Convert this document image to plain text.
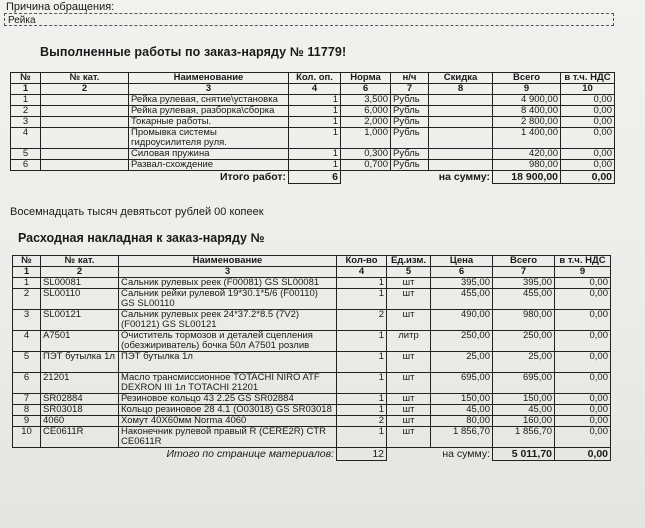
Причина обращения:
Рейка
Выполненные работы по заказ-наряду № 11779!
№	№ кат.	Наименование	Кол. оп.	Норма	н/ч	Скидка	Всего	в т.ч. НДС
1	2	3	4	6	7	8	9	10
1		Рейка рулевая, снятие\установка	1	3,500	Рубль		4 900,00	0,00
2		Рейка рулевая, разборка\сборка	1	6,000	Рубль		8 400,00	0,00
3		Токарные работы.	1	2,000	Рубль		2 800,00	0,00
4		Промывка системы гидроусилителя руля.	1	1,000	Рубль		1 400,00	0,00
5		Силовая пружина	1	0,300	Рубль		420,00	0,00
6		Развал-схождение	1	0,700	Рубль		980,00	0,00
Итого работ:			6	на сумму:			18 900,00	0,00
Восемнадцать тысяч девятьсот рублей 00 копеек
Расходная накладная к заказ-наряду №
№	№ кат.	Наименование	Кол-во	Ед.изм.	Цена	Всего	в т.ч. НДС
1	2	3	4	5	6	7	9
1	SL00081	Сальник рулевых реек (F00081) GS SL00081	1	шт	395,00	395,00	0,00
2	SL00110	Сальник рейки рулевой 19*30.1*5/6 (F00110) GS SL00110	1	шт	455,00	455,00	0,00
3	SL00121	Сальник рулевых реек 24*37.2*8.5 (7V2)(F00121) GS SL00121	2	шт	490,00	980,00	0,00
4	A7501	Очиститель тормозов и деталей сцепления (обезжириватель) бочка 50л A7501 розлив	1	литр	250,00	250,00	0,00
5	ПЭТ бутылка 1л	ПЭТ бутылка 1л	1	шт	25,00	25,00	0,00
6	21201	Масло трансмиссионное TOTACHI NIRO ATF DEXRON III 1л TOTACHI 21201	1	шт	695,00	695,00	0,00
7	SR02884	Резиновое кольцо 43 2.25 GS SR02884	1	шт	150,00	150,00	0,00
8	SR03018	Кольцо резиновое 28 4.1 (O03018) GS SR03018	1	шт	45,00	45,00	0,00
9	4060	Хомут 40Х60мм Norma 4060	2	шт	80,00	160,00	0,00
10	CE0611R	Наконечник рулевой правый R (CERE2R) CTR CE0611R	1	шт	1 856,70	1 856,70	0,00
Итого по странице материалов:			12	на сумму:		5 011,70	0,00
